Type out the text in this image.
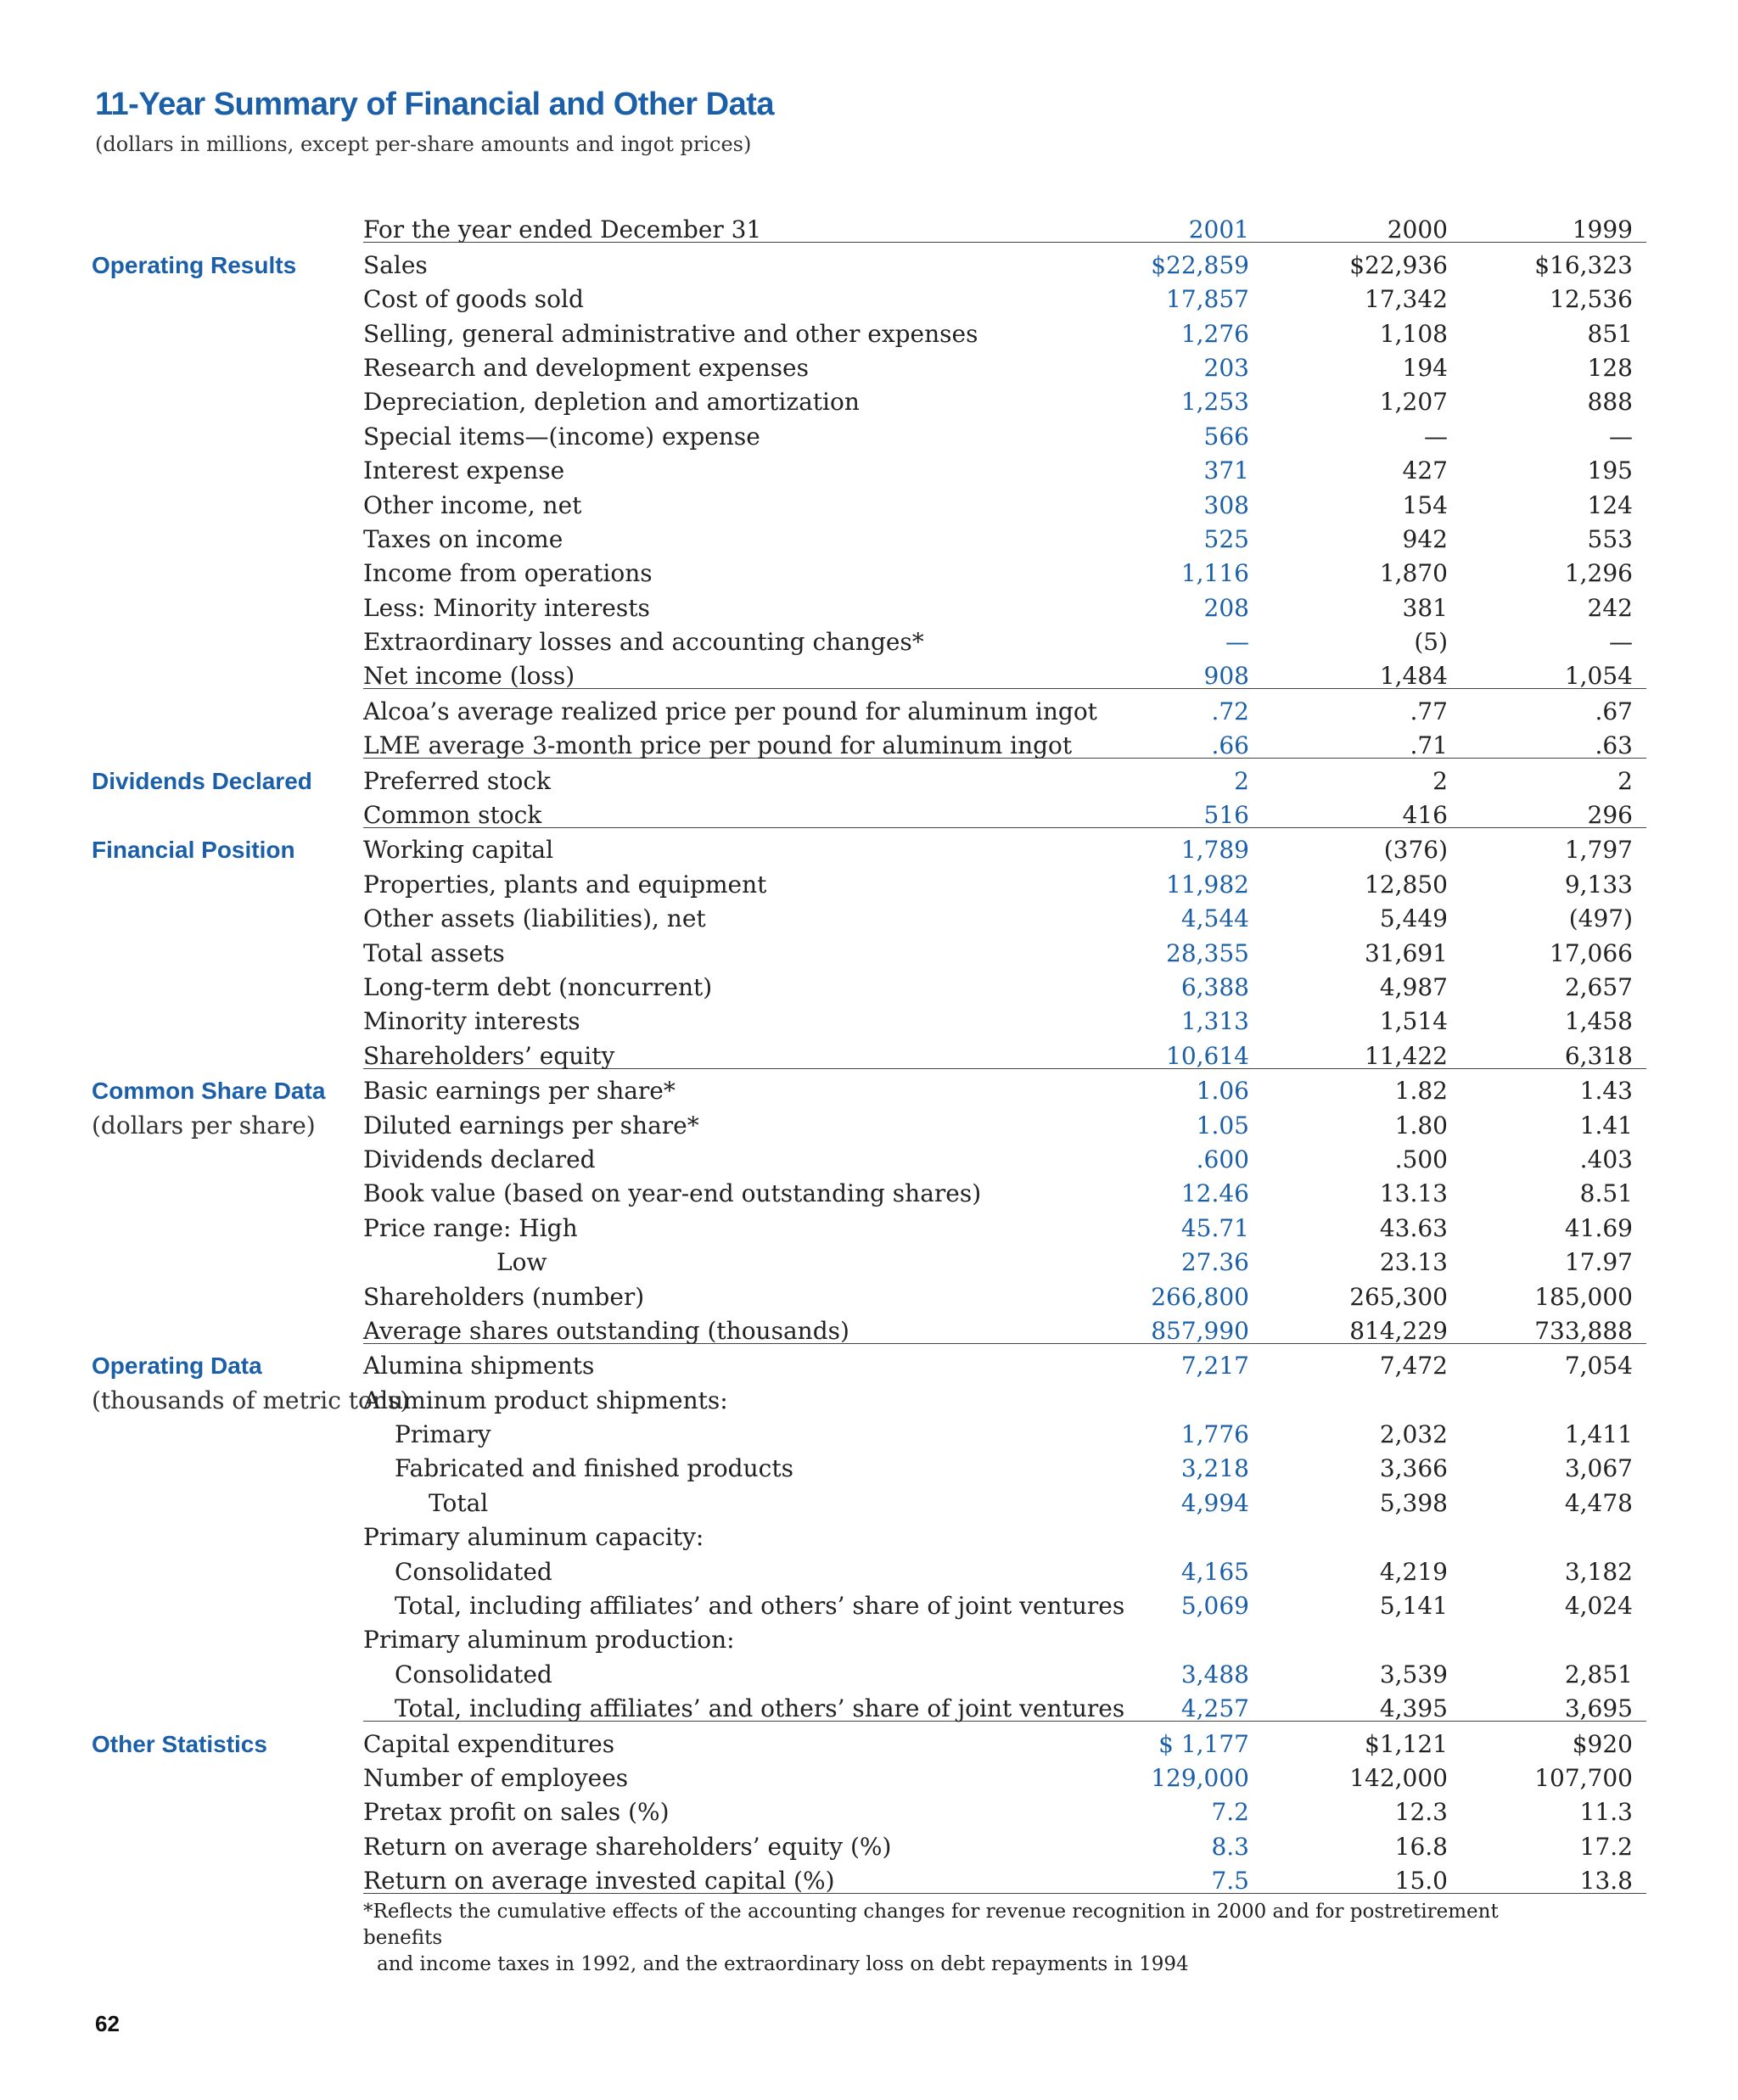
11-Year Summary of Financial and Other Data
(dollars in millions, except per-share amounts and ingot prices)
	For the year ended December 31	2001	2000	1999
Operating Results	Sales	$22,859	$22,936	$16,323
	Cost of goods sold	17,857	17,342	12,536
	Selling, general administrative and other expenses	1,276	1,108	851
	Research and development expenses	203	194	128
	Depreciation, depletion and amortization	1,253	1,207	888
	Special items—(income) expense	566	—	—
	Interest expense	371	427	195
	Other income, net	308	154	124
	Taxes on income	525	942	553
	Income from operations	1,116	1,870	1,296
	Less: Minority interests	208	381	242
	Extraordinary losses and accounting changes*	—	(5)	—
	Net income (loss)	908	1,484	1,054
	Alcoa’s average realized price per pound for aluminum ingot	.72	.77	.67
	LME average 3-month price per pound for aluminum ingot	.66	.71	.63
Dividends Declared	Preferred stock	2	2	2
	Common stock	516	416	296
Financial Position	Working capital	1,789	(376)	1,797
	Properties, plants and equipment	11,982	12,850	9,133
	Other assets (liabilities), net	4,544	5,449	(497)
	Total assets	28,355	31,691	17,066
	Long-term debt (noncurrent)	6,388	4,987	2,657
	Minority interests	1,313	1,514	1,458
	Shareholders’ equity	10,614	11,422	6,318
Common Share Data	Basic earnings per share*	1.06	1.82	1.43
(dollars per share)	Diluted earnings per share*	1.05	1.80	1.41
	Dividends declared	.600	.500	.403
	Book value (based on year-end outstanding shares)	12.46	13.13	8.51
	Price range: High	45.71	43.63	41.69
	Low	27.36	23.13	17.97
	Shareholders (number)	266,800	265,300	185,000
	Average shares outstanding (thousands)	857,990	814,229	733,888
Operating Data	Alumina shipments	7,217	7,472	7,054
(thousands of metric tons)	Aluminum product shipments:			
	Primary	1,776	2,032	1,411
	Fabricated and finished products	3,218	3,366	3,067
	Total	4,994	5,398	4,478
	Primary aluminum capacity:			
	Consolidated	4,165	4,219	3,182
	Total, including affiliates’ and others’ share of joint ventures	5,069	5,141	4,024
	Primary aluminum production:			
	Consolidated	3,488	3,539	2,851
	Total, including affiliates’ and others’ share of joint ventures	4,257	4,395	3,695
Other Statistics	Capital expenditures	$ 1,177	$1,121	$920
	Number of employees	129,000	142,000	107,700
	Pretax profit on sales (%)	7.2	12.3	11.3
	Return on average shareholders’ equity (%)	8.3	16.8	17.2
	Return on average invested capital (%)	7.5	15.0	13.8
*Reflects the cumulative effects of the accounting changes for revenue recognition in 2000 and for postretirement benefits
and income taxes in 1992, and the extraordinary loss on debt repayments in 1994
62
